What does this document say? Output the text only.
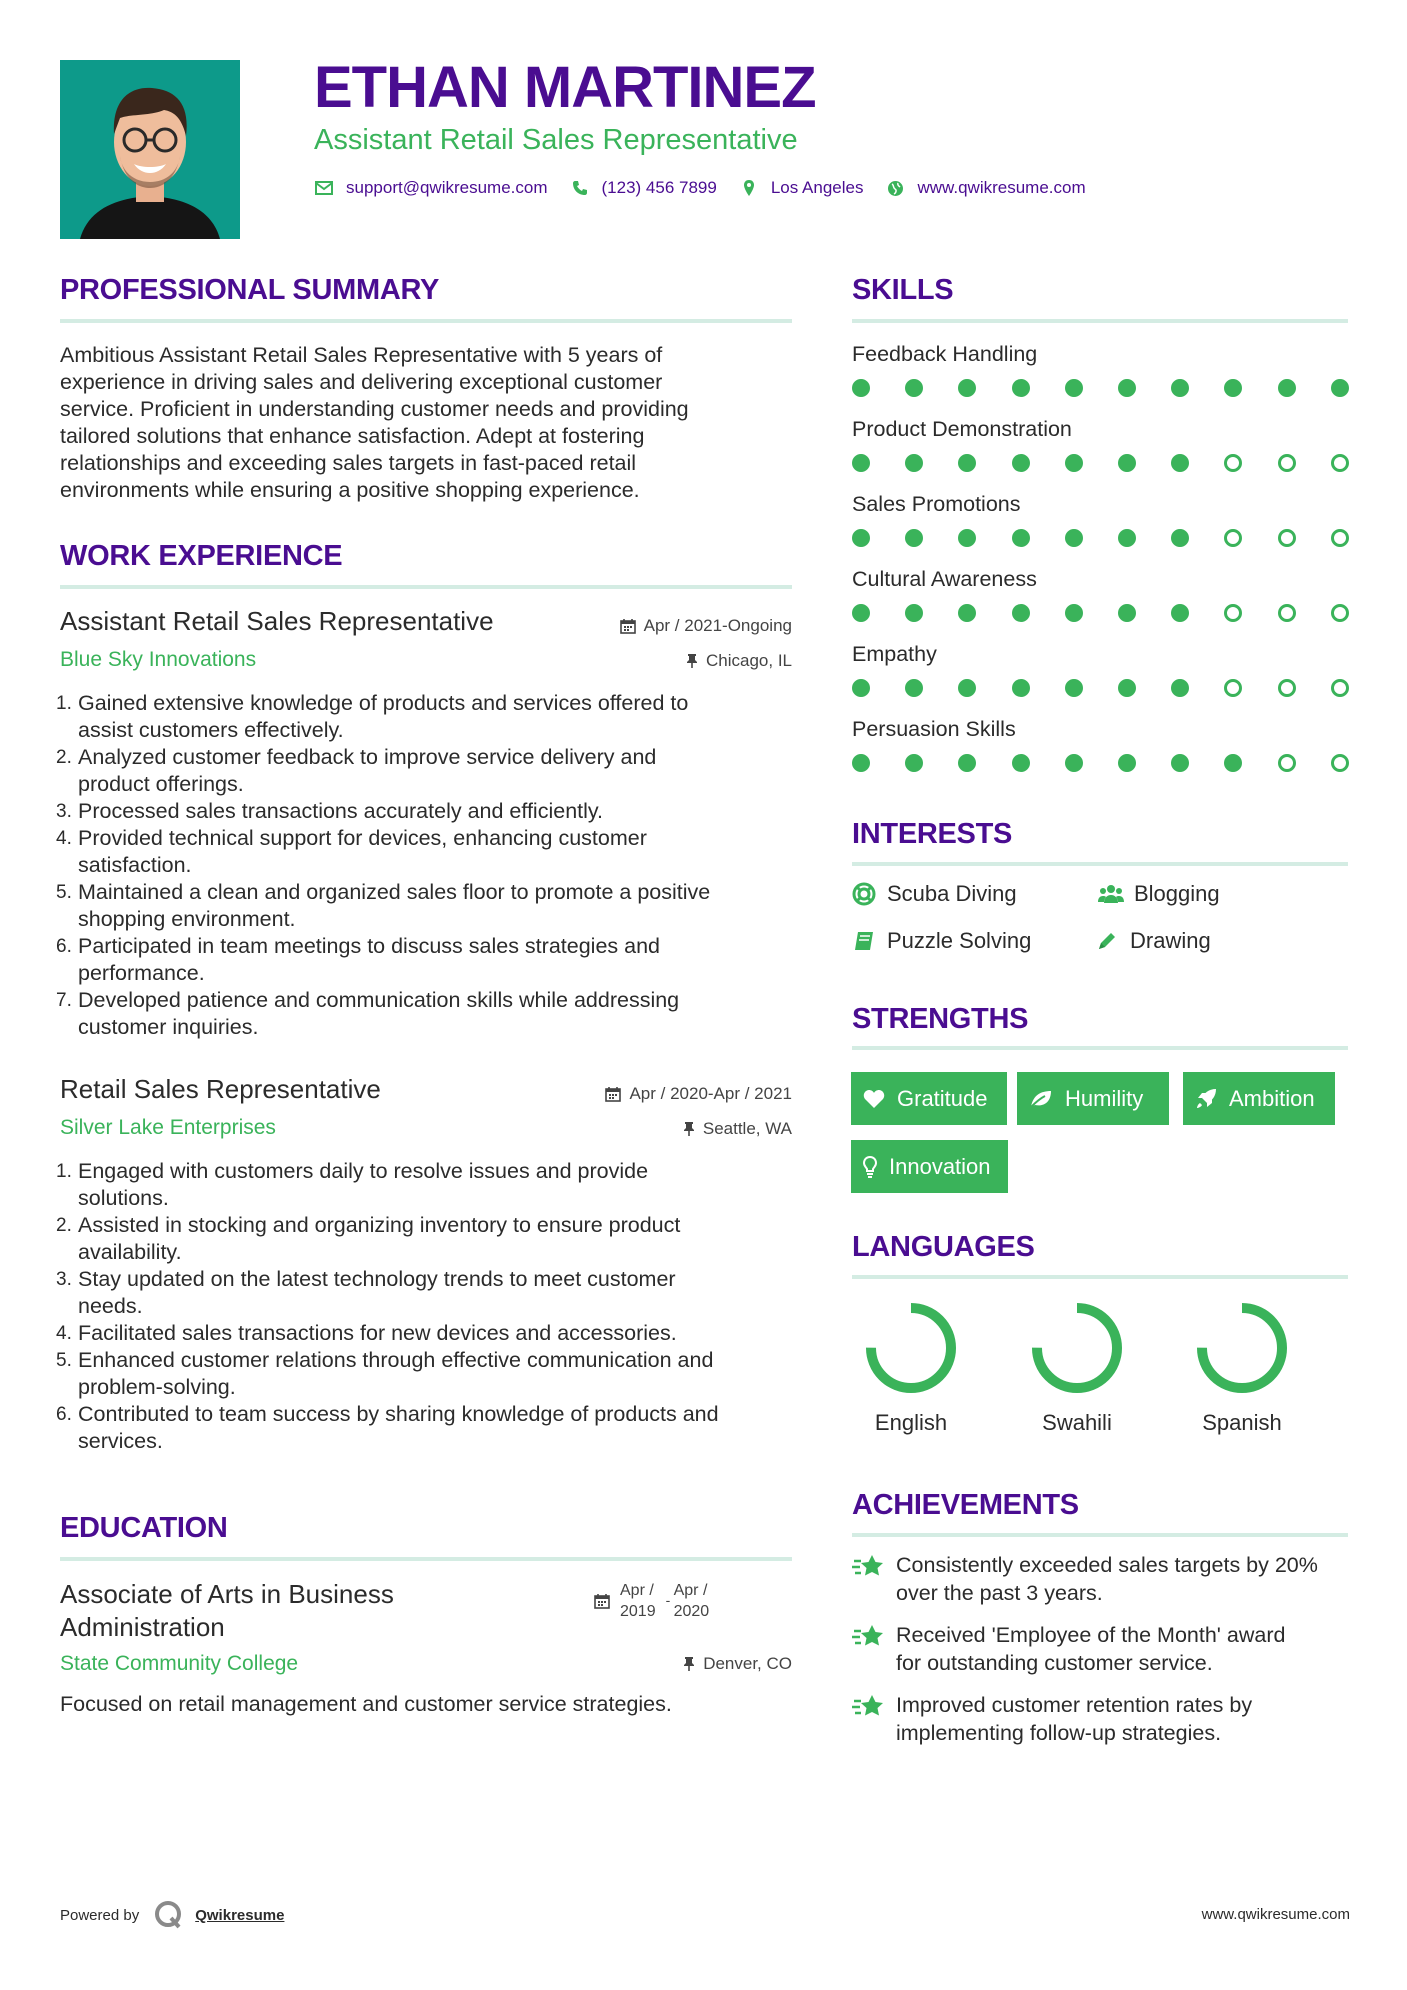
ETHAN MARTINEZ
Assistant Retail Sales Representative
support@qwikresume.com	(123) 456 7899	Los Angeles	www.qwikresume.com
PROFESSIONAL SUMMARY
Ambitious Assistant Retail Sales Representative with 5 years of
experience in driving sales and delivering exceptional customer
service. Proficient in understanding customer needs and providing
tailored solutions that enhance satisfaction. Adept at fostering
relationships and exceeding sales targets in fast-paced retail
environments while ensuring a positive shopping experience.
WORK EXPERIENCE
Assistant Retail Sales Representative	Apr / 2021-Ongoing
Blue Sky Innovations	Chicago, IL
Gained extensive knowledge of products and services offered to
assist customers effectively.
Analyzed customer feedback to improve service delivery and
product offerings.
Processed sales transactions accurately and efficiently.
Provided technical support for devices, enhancing customer
satisfaction.
Maintained a clean and organized sales floor to promote a positive
shopping environment.
Participated in team meetings to discuss sales strategies and
performance.
Developed patience and communication skills while addressing
customer inquiries.
Retail Sales Representative	Apr / 2020-Apr / 2021
Silver Lake Enterprises	Seattle, WA
Engaged with customers daily to resolve issues and provide
solutions.
Assisted in stocking and organizing inventory to ensure product
availability.
Stay updated on the latest technology trends to meet customer
needs.
Facilitated sales transactions for new devices and accessories.
Enhanced customer relations through effective communication and
problem-solving.
Contributed to team success by sharing knowledge of products and
services.
EDUCATION
Associate of Arts in Business
Administration
Apr /
2019
-
Apr /
2020
State Community College	Denver, CO
Focused on retail management and customer service strategies.
SKILLS
Feedback Handling
Product Demonstration
Sales Promotions
Cultural Awareness
Empathy
Persuasion Skills
INTERESTS
Scuba Diving	Blogging
Puzzle Solving	Drawing
STRENGTHS
Gratitude	Humility	Ambition
Innovation
LANGUAGES
English	Swahili	Spanish
ACHIEVEMENTS
Consistently exceeded sales targets by 20%
over the past 3 years.
Received 'Employee of the Month' award
for outstanding customer service.
Improved customer retention rates by
implementing follow-up strategies.
Powered by	Qwikresume	www.qwikresume.com
